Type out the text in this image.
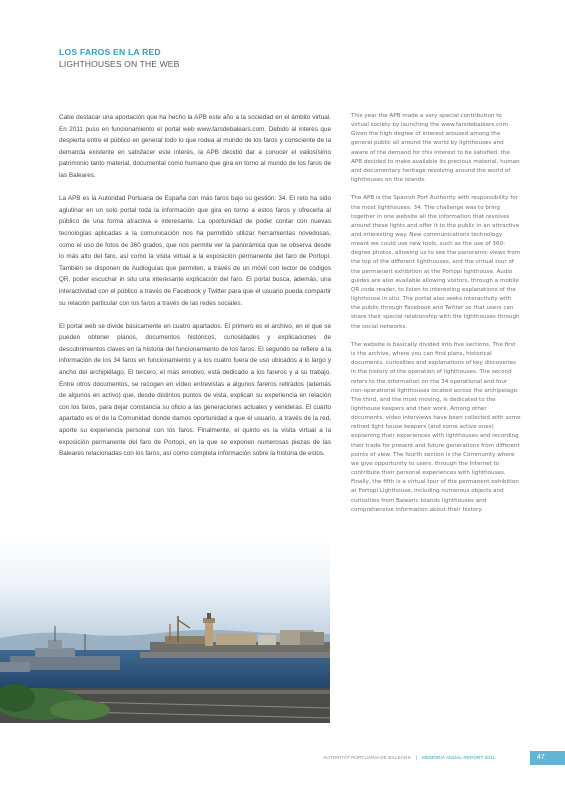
LOS FAROS EN LA RED
LIGHTHOUSES ON THE WEB

Cabe destacar una aportación que ha hecho la APB este año a la sociedad en el ámbito virtual. En 2011 puso en funcionamiento el portal web www.farsdebalears.com. Debido al interés que despierta entre el público en general todo lo que rodea al mundo de los faros y consciente de la demanda existente en satisfacer este interés, la APB decidió dar a conocer el valiosísimo patrimonio tanto material, documental como humano que gira en torno al mundo de los faros de las Baleares.

La APB es la Autoridad Portuaria de España con más faros bajo su gestión: 34. El reto ha sido aglutinar en un solo portal toda la información que gira en torno a estos faros y ofrecerla al público de una forma atractiva e interesante. La oportunidad de poder contar con nuevas tecnologías aplicadas a la comunicación nos ha permitido utilizar herramientas novedosas, como el uso de fotos de 360 grados, que nos permite ver la panorámica que se observa desde lo más alto del faro, así como la visita virtual a la exposición permanente del faro de Portopí. También se disponen de Audioguías que permiten, a través de un móvil con lector de códigos QR, poder escuchar in situ una interesante explicación del faro. El portal busca, además, una interactividad con el público a través de Facebook y Twitter para que el usuario pueda compartir su relación particular con los faros a través de las redes sociales.

El portal web se divide básicamente en cuatro apartados. El primero es el archivo, en el que se pueden obtener planos, documentos históricos, curiosidades y explicaciones de descubrimientos claves en la historia del funcionamiento de los faros. El segundo se refiere a la información de los 34 faros en funcionamiento y a los cuatro fuera de uso ubicados a lo largo y ancho del archipiélago. El tercero, el más emotivo, está dedicado a los fareros y a su trabajo. Entre otros documentos, se recogen en vídeo entrevistas a algunos fareros retirados (además de algunos en activo) que, desde distintos puntos de vista, explican su experiencia en relación con los faros, para dejar constancia su oficio a las generaciones actuales y venideras. El cuarto apartado es el de la Comunidad donde damos oportunidad a que el usuario, a través de la red, aporte su experiencia personal con los faros. Finalmente, el quinto es la visita virtual a la exposición permanente del faro de Portopí, en la que se exponen numerosas piezas de las Baleares relacionadas con los faros, así como completa información sobre la historia de estos.

This year the APB made a very special contribution to virtual society by launching the www.farsdebalears.com. Given the high degree of interest aroused among the general public all around the world by lighthouses and aware of the demand for this interest to be satisfied, the APB decided to make available its precious material, human and documentary heritage revolving around the world of lighthouses on the islands.

The APB is the Spanish Port Authority with responsibility for the most lighthouses: 34. The challenge was to bring together in one website all the information that revolves around these lights and offer it to the public in an attractive and interesting way. New communications technology meant we could use new tools, such as the use of 360-degree photos, allowing us to see the panoramic views from the top of the different lighthouses, and the virtual tour of the permanent exhibition at the Portopí lighthouse. Audio guides are also available allowing visitors, through a mobile QR code reader, to listen to interesting explanations of the lighthouse in situ. The portal also seeks interactivity with the public through Facebook and Twitter so that users can share their special relationship with the lighthouses through the social networks.

The website is basically divided into five sections. The first is the archive, where you can find plans, historical documents, curiosities and explanations of key discoveries in the history of the operation of lighthouses. The second refers to the information on the 34 operational and four non-operational lighthouses located across the archipelago. The third, and the most moving, is dedicated to the lighthouse keepers and their work. Among other documents, video interviews have been collected with some retired light house keepers (and some active ones) explaining their experiences with lighthouses and recording their trade for present and future generations from different points of view. The fourth section is the Community where we give opportunity to users, through the Internet to contribute their personal experiences with lighthouses. Finally, the fifth is a virtual tour of the permanent exhibition at Portopí Lighthouse, including numerous objects and curiosities from Balearic Islands lighthouses and comprehensive information about their history.

AUTORITAT PORTUÀRIA DE BALEARS | MEMÒRIA ANUAL REPORT 2011	47
